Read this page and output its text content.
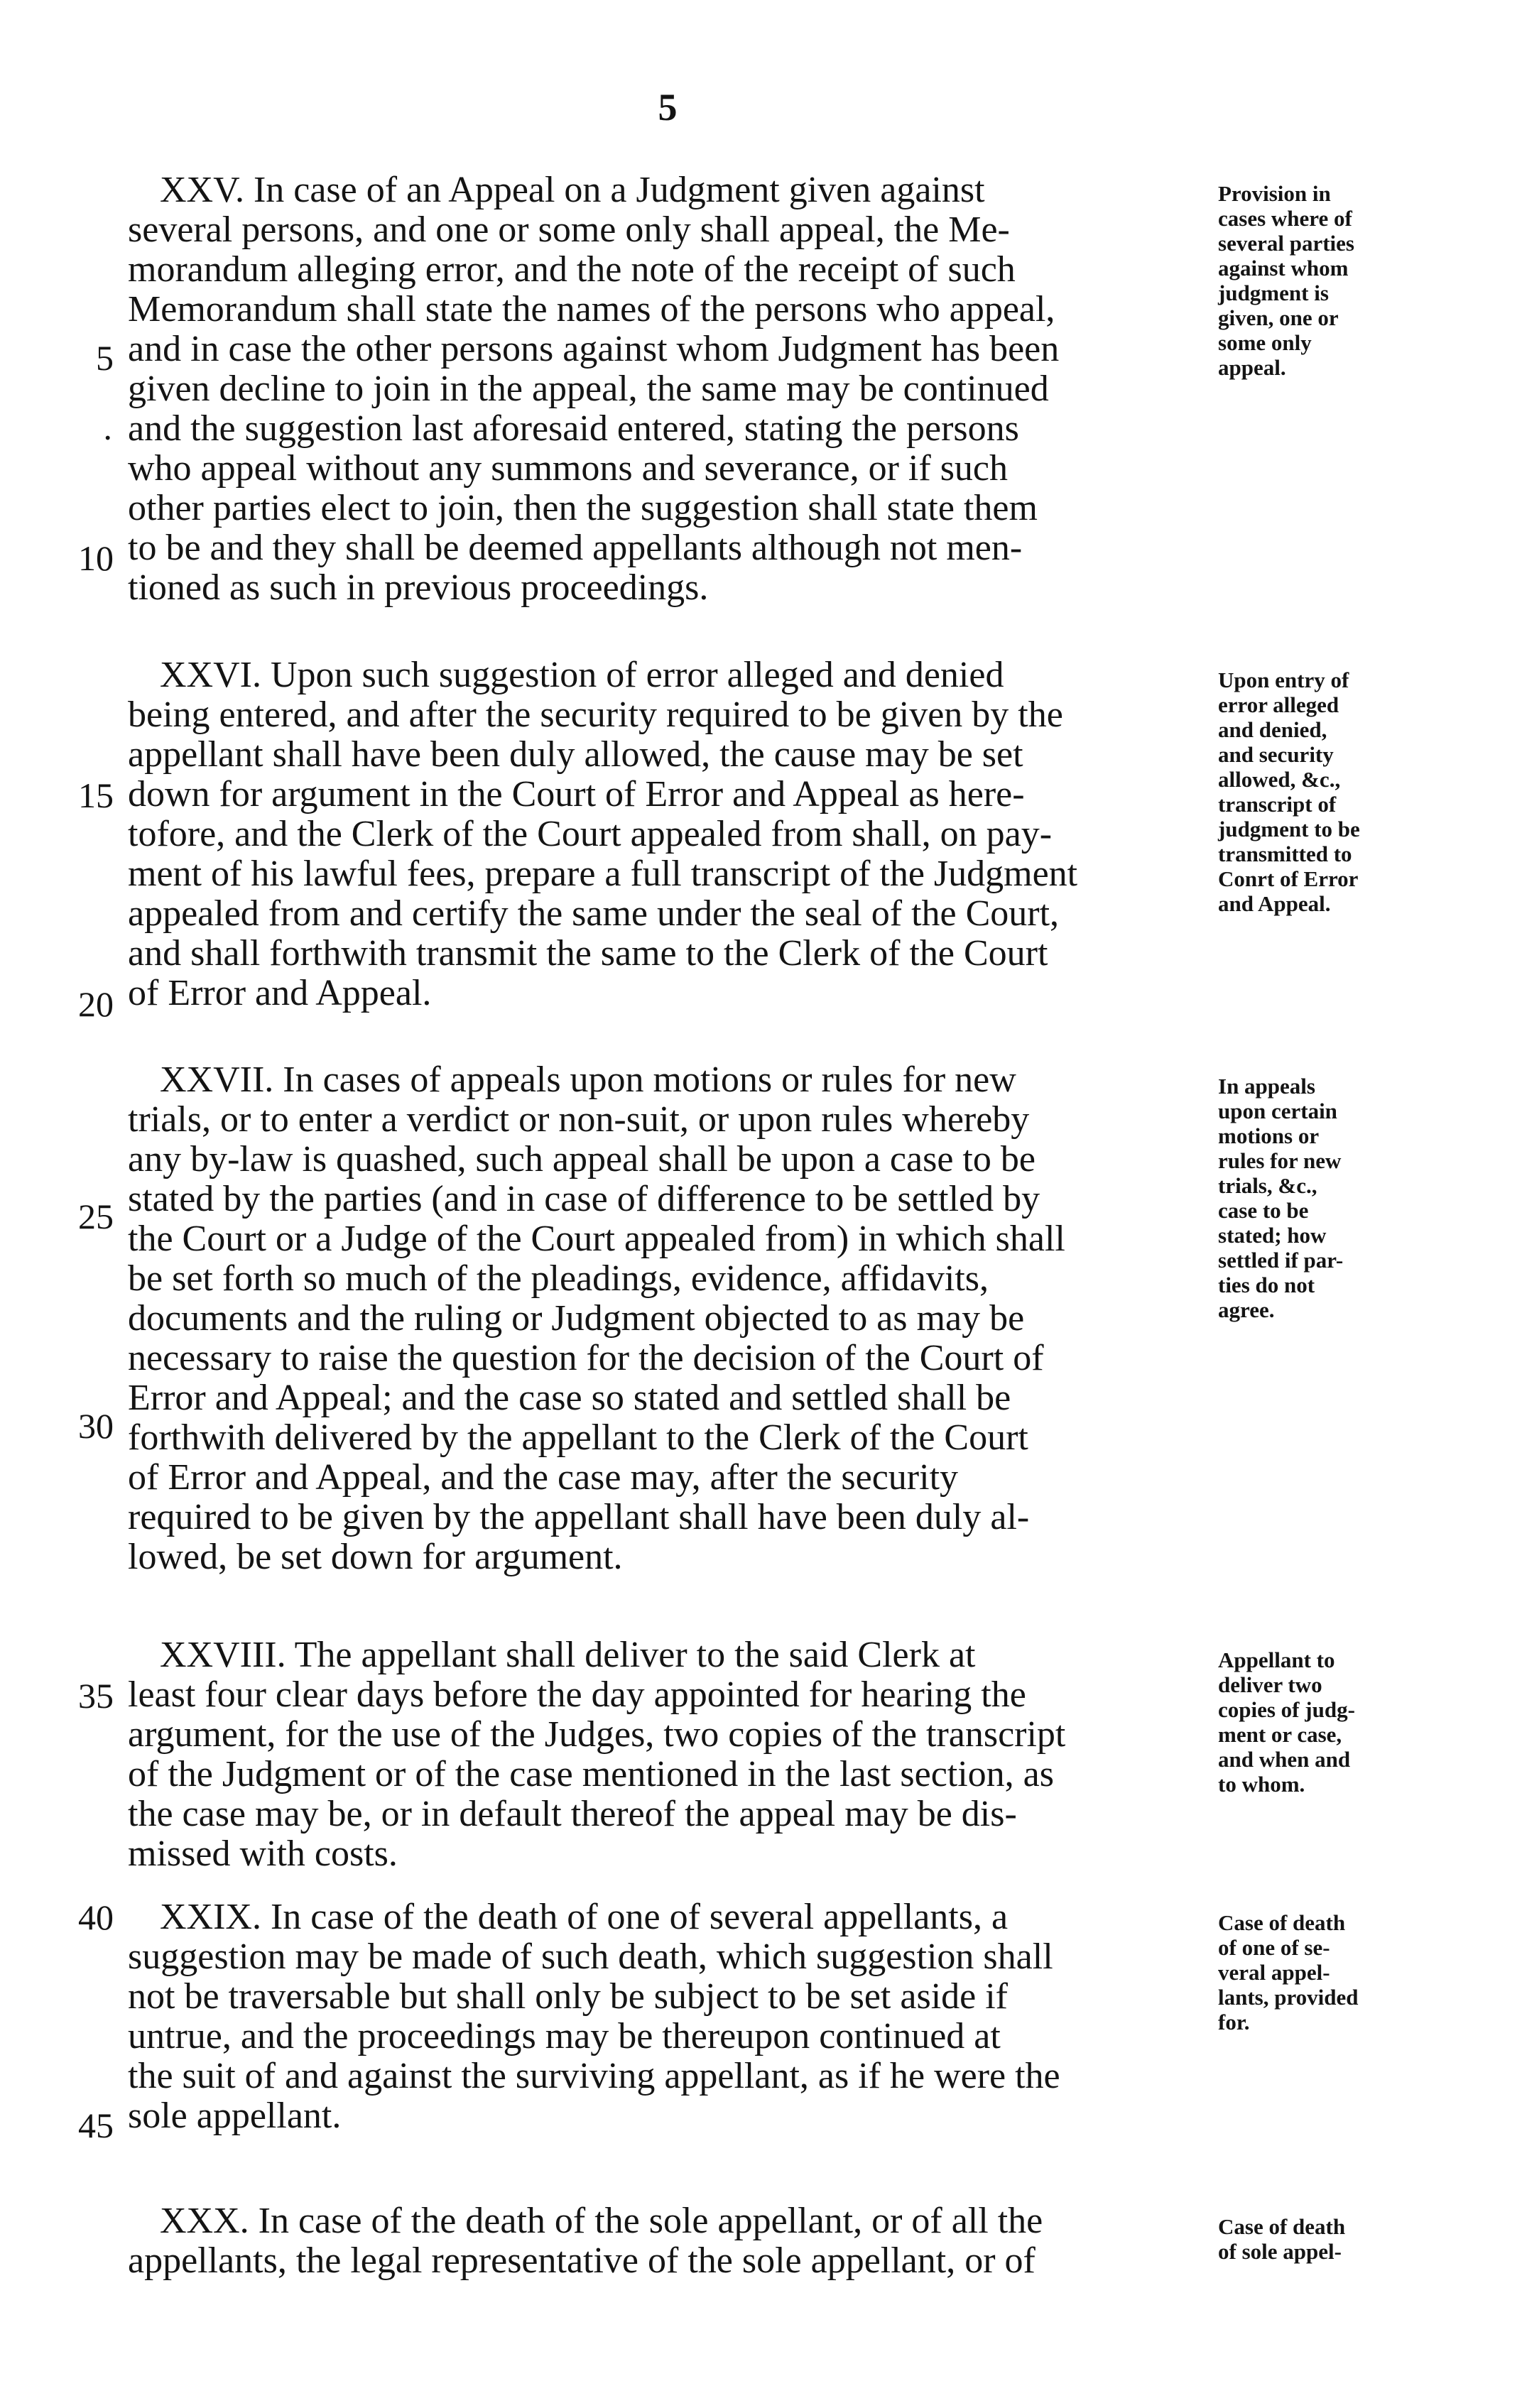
5
5
·
10
15
20
25
30
35
40
45
XXV. In case of an Appeal on a Judgment given against
several persons, and one or some only shall appeal, the Me-
morandum alleging error, and the note of the receipt of such
Memorandum shall state the names of the persons who appeal,
and in case the other persons against whom Judgment has been
given decline to join in the appeal, the same may be continued
and the suggestion last aforesaid entered, stating the persons
who appeal without any summons and severance, or if such
other parties elect to join, then the suggestion shall state them
to be and they shall be deemed appellants although not men-
tioned as such in previous proceedings.
Provision in
cases where of
several parties
against whom
judgment is
given, one or
some only
appeal.
XXVI. Upon such suggestion of error alleged and denied
being entered, and after the security required to be given by the
appellant shall have been duly allowed, the cause may be set
down for argument in the Court of Error and Appeal as here-
tofore, and the Clerk of the Court appealed from shall, on pay-
ment of his lawful fees, prepare a full transcript of the Judgment
appealed from and certify the same under the seal of the Court,
and shall forthwith transmit the same to the Clerk of the Court
of Error and Appeal.
Upon entry of
error alleged
and denied,
and security
allowed, &c.,
transcript of
judgment to be
transmitted to
Conrt of Error
and Appeal.
XXVII. In cases of appeals upon motions or rules for new
trials, or to enter a verdict or non-suit, or upon rules whereby
any by-law is quashed, such appeal shall be upon a case to be
stated by the parties (and in case of difference to be settled by
the Court or a Judge of the Court appealed from) in which shall
be set forth so much of the pleadings, evidence, affidavits,
documents and the ruling or Judgment objected to as may be
necessary to raise the question for the decision of the Court of
Error and Appeal; and the case so stated and settled shall be
forthwith delivered by the appellant to the Clerk of the Court
of Error and Appeal, and the case may, after the security
required to be given by the appellant shall have been duly al-
lowed, be set down for argument.
In appeals
upon certain
motions or
rules for new
trials, &c.,
case to be
stated; how
settled if par-
ties do not
agree.
XXVIII. The appellant shall deliver to the said Clerk at
least four clear days before the day appointed for hearing the
argument, for the use of the Judges, two copies of the transcript
of the Judgment or of the case mentioned in the last section, as
the case may be, or in default thereof the appeal may be dis-
missed with costs.
Appellant to
deliver two
copies of judg-
ment or case,
and when and
to whom.
XXIX. In case of the death of one of several appellants, a
suggestion may be made of such death, which suggestion shall
not be traversable but shall only be subject to be set aside if
untrue, and the proceedings may be thereupon continued at
the suit of and against the surviving appellant, as if he were the
sole appellant.
Case of death
of one of se-
veral appel-
lants, provided
for.
XXX. In case of the death of the sole appellant, or of all the
appellants, the legal representative of the sole appellant, or of
Case of death
of sole appel-
